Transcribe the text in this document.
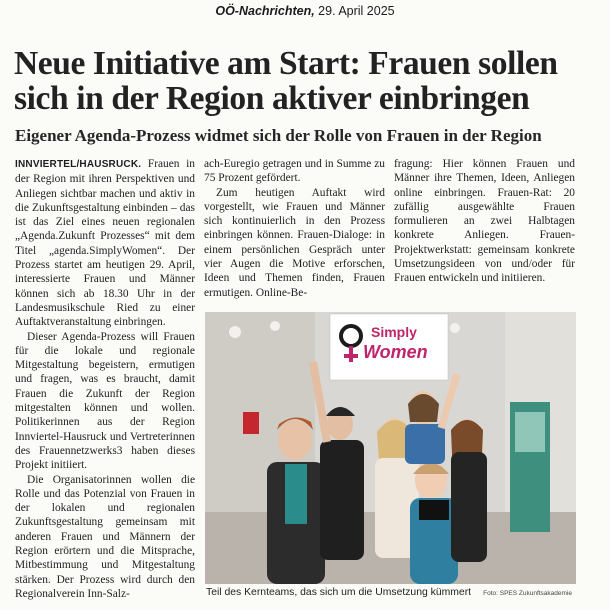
OÖ-Nachrichten, 29. April 2025
Neue Initiative am Start: Frauen sollen sich in der Region aktiver einbringen
Eigener Agenda-Prozess widmet sich der Rolle von Frauen in der Region

INNVIERTEL/HAUSRUCK. Frauen in der Region mit ihren Perspektiven und Anliegen sichtbar machen und aktiv in die Zukunftsgestaltung einbinden – das ist das Ziel eines neuen regionalen „Agenda.Zukunft Prozesses“ mit dem Titel „agenda.SimplyWomen“. Der Prozess startet am heutigen 29. April, interessierte Frauen und Männer können sich ab 18.30 Uhr in der Landesmusikschule Ried zu einer Auftaktveranstaltung einbringen.

Dieser Agenda-Prozess will Frauen für die lokale und regionale Mitgestaltung begeistern, ermutigen und fragen, was es braucht, damit Frauen die Zukunft der Region mitgestalten können und wollen. Politikerinnen aus der Region Innviertel-Hausruck und Vertreterinnen des Frauennetzwerks3 haben dieses Projekt initiiert.

Die Organisatorinnen wollen die Rolle und das Potenzial von Frauen in der lokalen und regionalen Zukunftsgestaltung gemeinsam mit anderen Frauen und Männern der Region erörtern und die Mitsprache, Mitbestimmung und Mitgestaltung stärken. Der Prozess wird durch den Regionalverein Inn-Salz-

ach-Euregio getragen und in Summe zu 75 Prozent gefördert.

Zum heutigen Auftakt wird vorgestellt, wie Frauen und Männer sich kontinuierlich in den Prozess einbringen können. Frauen-Dialoge: in einem persönlichen Gespräch unter vier Augen die Motive erforschen, Ideen und Themen finden, Frauen ermutigen. Online-Be-

fragung: Hier können Frauen und Männer ihre Themen, Ideen, Anliegen online einbringen. Frauen-Rat: 20 zufällig ausgewählte Frauen formulieren an zwei Halbtagen konkrete Anliegen. Frauen-Projektwerkstatt: gemeinsam konkrete Umsetzungsideen von und/oder für Frauen entwickeln und initiieren.

Simply
Women
Teil des Kernteams, das sich um die Umsetzung kümmert	Foto: SPES Zukunftsakademie
